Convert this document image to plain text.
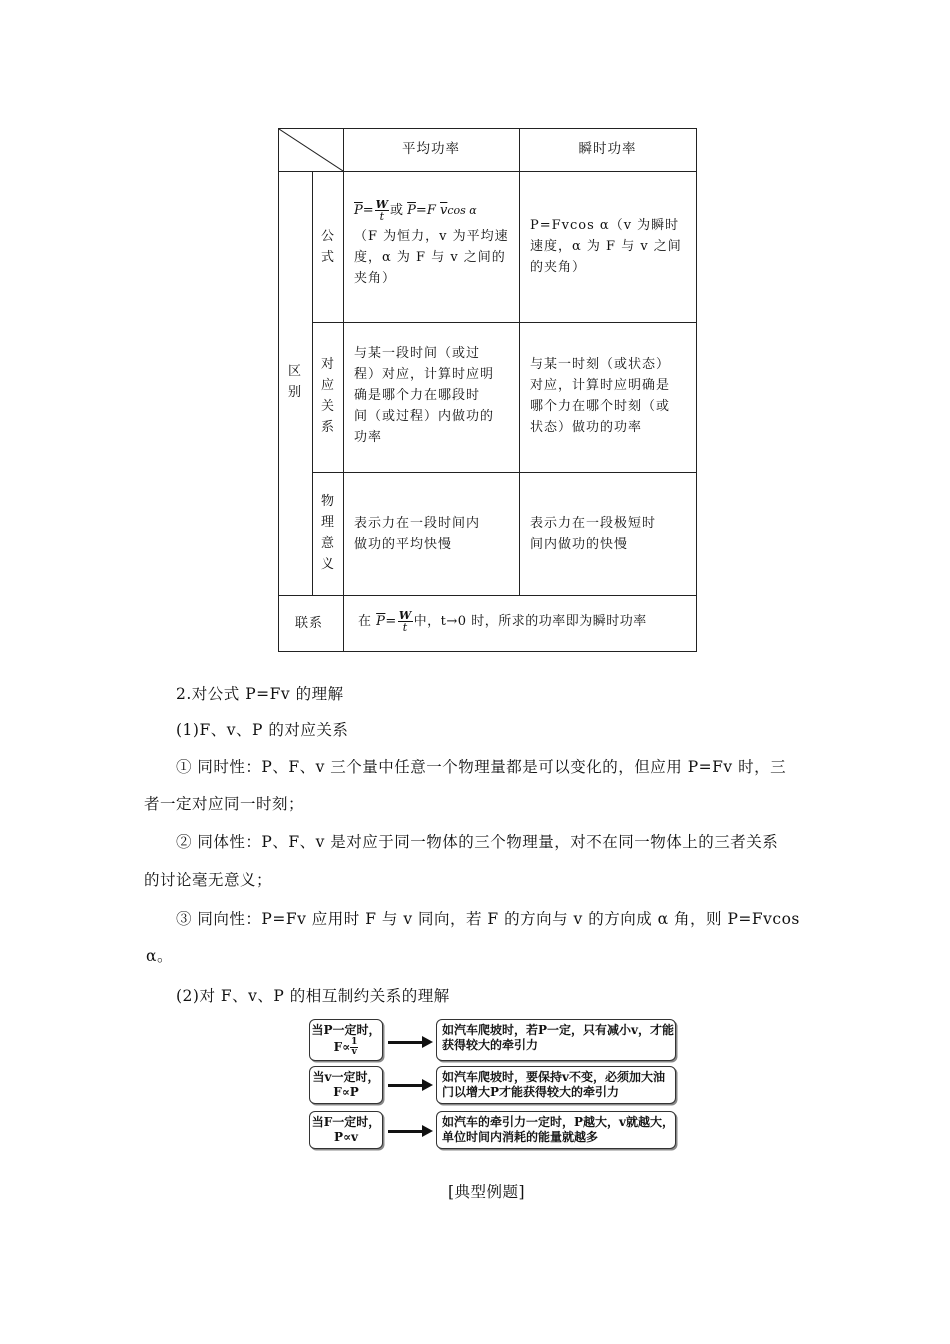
平均功率	瞬时功率
区
别
公
式
$\overline{P}= \frac{W}{t}$ 或 $\overline{P}=F$ $\overline{v}\cos$ α
（F 为恒力，v 为平均速
度，α 为 F 与 v 之间的
夹角）
P=Fvcos α（v 为瞬时
速度，α 为 F 与 v 之间
的夹角）
对
应
关
系
与某一段时间（或过
程）对应，计算时应明
确是哪个力在哪段时
间（或过程）内做功的
功率
与某一时刻（或状态）
对应，计算时应明确是
哪个力在哪个时刻（或
状态）做功的功率
物
理
意
义
表示力在一段时间内
做功的平均快慢
表示力在一段极短时
间内做功的快慢
联系	在 $\overline{P}= \frac{W}{t}$ 中，t→0 时，所求的功率即为瞬时功率
2.对公式 P=Fv 的理解
(1)F、v、P 的对应关系
① 同时性：P、F、v 三个量中任意一个物理量都是可以变化的，但应用 P=Fv 时，三
者一定对应同一时刻；
② 同体性：P、F、v 是对应于同一物体的三个物理量，对不在同一物体上的三者关系
的讨论毫无意义；
③ 同向性：P=Fv 应用时 F 与 v 同向，若 F 的方向与 v 的方向成 α 角，则 P=Fvcos
α。
(2)对 F、v、P 的相互制约关系的理解
当P一定时，
$F\propto \frac{1}{v}$
如汽车爬坡时，若P一定，只有减小v，才能
获得较大的牵引力
当v一定时，
F∝P
如汽车爬坡时，要保持v不变，必须加大油
门以增大P才能获得较大的牵引力
当F一定时，
P∝v
如汽车的牵引力一定时，P越大，v就越大，
单位时间内消耗的能量就越多
[典型例题]
